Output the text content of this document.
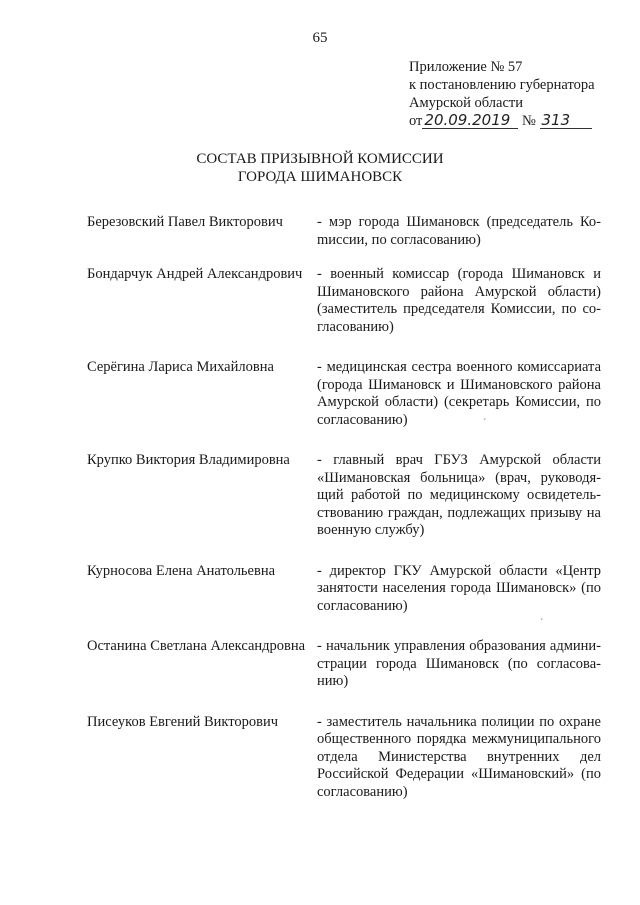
65
Приложение № 57
к постановлению губернатора
Амурской области
от 20.09.2019 № 313
СОСТАВ ПРИЗЫВНОЙ КОМИССИИ
ГОРОДА ШИМАНОВСК
Березовский Павел Викторович	- мэр города Шимановск (председатель Коmиссии, по согласованию)
Бондарчук Андрей Александрович	- военный комиссар (города Шимановск и Шимановского района Амурской области) (заместитель председателя Комиссии, по согласованию)
Серёгина Лариса Михайловна	- медицинская сестра военного комиссариата (города Шимановск и Шимановского района Амурской области) (секретарь Комиссии, по согласованию)
Крупко Виктория Владимировна	- главный врач ГБУЗ Амурской области «Шимановская больница» (врач, руководящий работой по медицинскому освидетельствованию граждан, подлежащих призыву на военную службу)
Курносова Елена Анатольевна	- директор ГКУ Амурской области «Центр занятости населения города Шимановск» (по согласованию)
Останина Светлана Александровна - начальник управления образования администрации города Шимановск (по согласованию)
Писеуков Евгений Викторович	- заместитель начальника полиции по охране общественного порядка межмуниципального отдела Министерства внутренних дел Российской Федерации «Шимановский» (по согласованию)
´
ˊ
